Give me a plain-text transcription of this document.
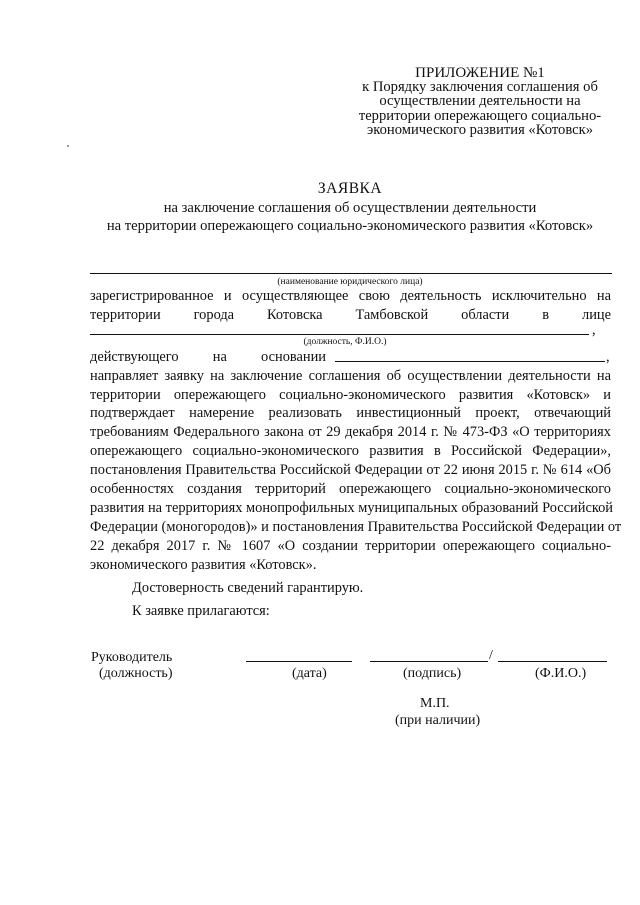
ПРИЛОЖЕНИЕ №1
к Порядку заключения соглашения об
осуществлении деятельности на
территории опережающего социально-
экономического развития «Котовск»
ЗАЯВКА
на заключение соглашения об осуществлении деятельности
на территории опережающего социально-экономического развития «Котовск»
(наименование юридического лица)
зарегистрированное и осуществляющее свою деятельность исключительно на
территории города Котовска Тамбовской области в лице
,
(должность, Ф.И.О.)
действующего на основании	,
направляет заявку на заключение соглашения об осуществлении деятельности на
территории опережающего социально-экономического развития «Котовск» и
подтверждает намерение реализовать инвестиционный проект, отвечающий
требованиям Федерального закона от 29 декабря 2014 г. № 473-ФЗ «О территориях
опережающего социально-экономического развития в Российской Федерации»,
постановления Правительства Российской Федерации от 22 июня 2015 г. № 614 «Об
особенностях создания территорий опережающего социально-экономического
развития на территориях монопрофильных муниципальных образований Российской
Федерации (моногородов)» и постановления Правительства Российской Федерации от
22 декабря 2017 г. № 1607 «О создании территории опережающего социально-
экономического развития «Котовск».
Достоверность сведений гарантирую.
К заявке прилагаются:
Руководитель
(должность)	(дата)
/
(подпись)	(Ф.И.О.)
М.П.
(при наличии)
